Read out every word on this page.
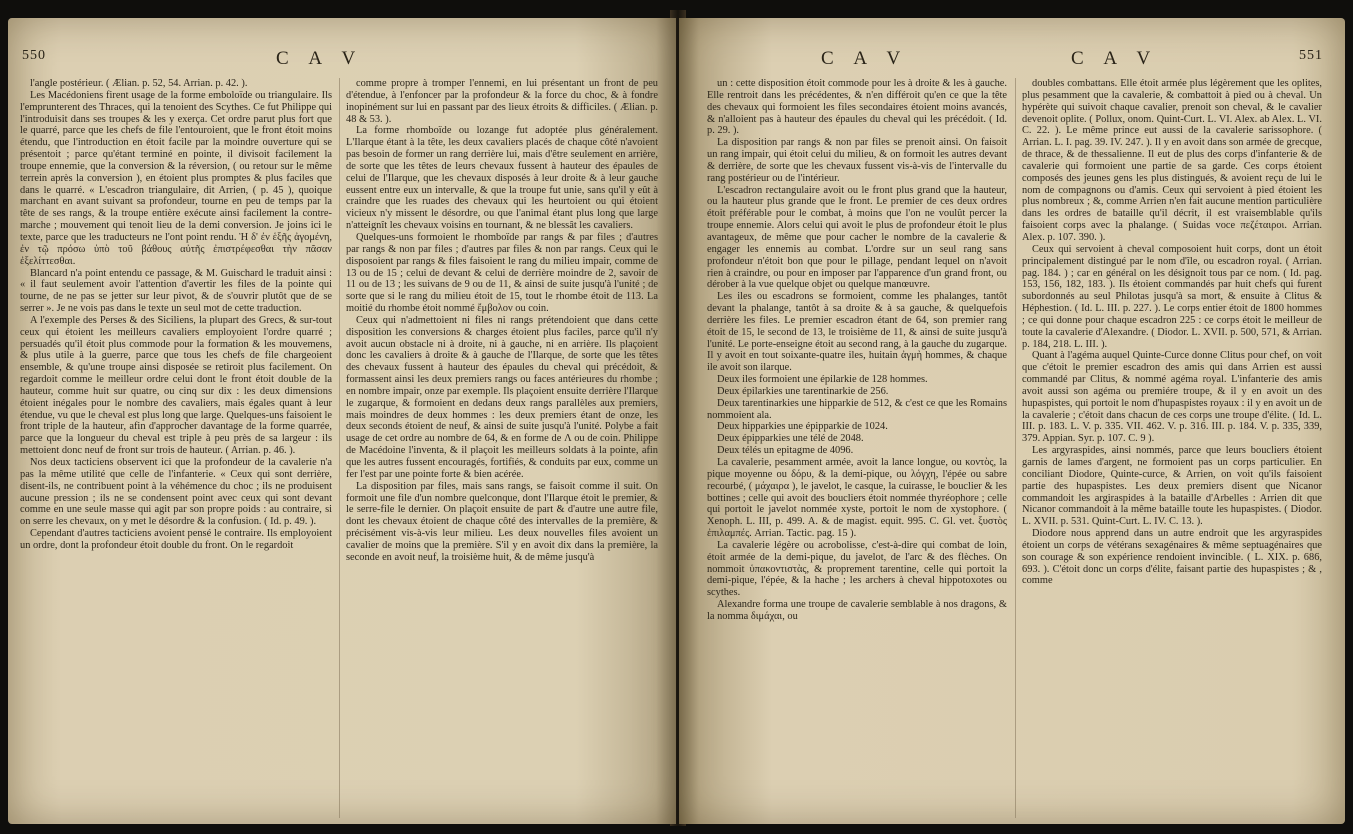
550	C A V

l'angle postérieur. ( Ælian. p. 52, 54. Arrian. p. 42. ).

Les Macédoniens firent usage de la forme emboloïde ou triangulaire. Ils l'emprunterent des Thraces, qui la tenoient des Scythes. Ce fut Philippe qui l'introduisit dans ses troupes & les y exerça. Cet ordre parut plus fort que le quarré, parce que les chefs de file l'entouroient, que le front étoit moins étendu, que l'introduction en étoit facile par la moindre ouverture qui se présentoit ; parce qu'étant terminé en pointe, il divisoit facilement la troupe ennemie, que la conversion & la réversion, ( ou retour sur le même terrein après la conversion ), en étoient plus promptes & plus faciles que dans le quarré. « L'escadron triangulaire, dit Arrien, ( p. 45 ), quoique marchant en avant suivant sa profondeur, tourne en peu de temps par la tête de ses rangs, & la troupe entière exécute ainsi facilement la contre-marche ; mouvement qui tenoit lieu de la demi conversion. Je joins ici le texte, parce que les traducteurs ne l'ont point rendu. Ἡ δ' ἐν ἑξῆς ἀγομένη, ἐν τῷ πρόσω ὑπὸ τοῦ βάθους αὐτῆς ἐπιστρέφεσθαι τὴν πᾶσαν ἐξελίττεσθαι.

Blancard n'a point entendu ce passage, & M. Guischard le traduit ainsi : « il faut seulement avoir l'attention d'avertir les files de la pointe qui tourne, de ne pas se jetter sur leur pivot, & de s'ouvrir plutôt que de se serrer ». Je ne vois pas dans le texte un seul mot de cette traduction.

A l'exemple des Perses & des Siciliens, la plupart des Grecs, & sur-tout ceux qui étoient les meilleurs cavaliers employoient l'ordre quarré ; persuadés qu'il étoit plus commode pour la formation & les mouvemens, & plus utile à la guerre, parce que tous les chefs de file chargeoient ensemble, & qu'une troupe ainsi disposée se retiroit plus facilement. On regardoit comme le meilleur ordre celui dont le front étoit double de la hauteur, comme huit sur quatre, ou cinq sur dix : les deux dimensions étoient inégales pour le nombre des cavaliers, mais égales quant à leur étendue, vu que le cheval est plus long que large. Quelques-uns faisoient le front triple de la hauteur, afin d'approcher davantage de la forme quarrée, parce que la longueur du cheval est triple à peu près de sa largeur : ils mettoient donc neuf de front sur trois de hauteur. ( Arrian. p. 46. ).

Nos deux tacticiens observent ici que la profondeur de la cavalerie n'a pas la même utilité que celle de l'infanterie. « Ceux qui sont derrière, disent-ils, ne contribuent point à la véhémence du choc ; ils ne produisent aucune pression ; ils ne se condensent point avec ceux qui sont devant comme en une seule masse qui agit par son propre poids : au contraire, si on serre les chevaux, on y met le désordre & la confusion. ( Id. p. 49. ).

Cependant d'autres tacticiens avoient pensé le contraire. Ils employoient un ordre, dont la profondeur étoit double du front. On le regardoit

comme propre à tromper l'ennemi, en lui présentant un front de peu d'étendue, à l'enfoncer par la profondeur & la force du choc, & à fondre inopinément sur lui en passant par des lieux étroits & difficiles. ( Ælian. p. 48 & 53. ).

La forme rhomboïde ou lozange fut adoptée plus généralement. L'Ilarque étant à la tête, les deux cavaliers placés de chaque côté n'avoient pas besoin de former un rang derrière lui, mais d'être seulement en arrière, de sorte que les têtes de leurs chevaux fussent à hauteur des épaules de celui de l'Ilarque, que les chevaux disposés à leur droite & à leur gauche eussent entre eux un intervalle, & que la troupe fut unie, sans qu'il y eût à craindre que les ruades des chevaux qui les heurtoient ou qui étoient vicieux n'y missent le désordre, ou que l'animal étant plus long que large n'atteignît les chevaux voisins en tournant, & ne blessât les cavaliers.

Quelques-uns formoient le rhomboïde par rangs & par files ; d'autres par rangs & non par files ; d'autres par files & non par rangs. Ceux qui le disposoient par rangs & files faisoient le rang du milieu impair, comme de 13 ou de 15 ; celui de devant & celui de derrière moindre de 2, savoir de 11 ou de 13 ; les suivans de 9 ou de 11, & ainsi de suite jusqu'à l'unité ; de sorte que si le rang du milieu étoit de 15, tout le rhombe étoit de 113. La moitié du rhombe étoit nommé ἔμβολον ou coin.

Ceux qui n'admettoient ni files ni rangs prétendoient que dans cette disposition les conversions & charges étoient plus faciles, parce qu'il n'y avoit aucun obstacle ni à droite, ni à gauche, ni en arrière. Ils plaçoient donc les cavaliers à droite & à gauche de l'Ilarque, de sorte que les têtes des chevaux fussent à hauteur des épaules du cheval qui précédoit, & formassent ainsi les deux premiers rangs ou faces antérieures du rhombe ; en nombre impair, onze par exemple. Ils plaçoient ensuite derrière l'Ilarque le zugarque, & formoient en dedans deux rangs parallèles aux premiers, mais moindres de deux hommes : les deux premiers étant de onze, les deux seconds étoient de neuf, & ainsi de suite jusqu'à l'unité. Polybe a fait usage de cet ordre au nombre de 64, & en forme de Λ ou de coin. Philippe de Macédoine l'inventa, & il plaçoit les meilleurs soldats à la pointe, afin que les autres fussent encouragés, fortifiés, & conduits par eux, comme un fer l'est par une pointe forte & bien acérée.

La disposition par files, mais sans rangs, se faisoit comme il suit. On formoit une file d'un nombre quelconque, dont l'Ilarque étoit le premier, & le serre-file le dernier. On plaçoit ensuite de part & d'autre une autre file, dont les chevaux étoient de chaque côté des intervalles de la première, & précisément vis-à-vis leur milieu. Les deux nouvelles files avoient un cavalier de moins que la première. S'il y en avoit dix dans la première, la seconde en avoit neuf, la troisième huit, & de même jusqu'à

C A V	C A V	551

un : cette disposition étoit commode pour les à droite & les à gauche. Elle rentroit dans les précédentes, & n'en différoit qu'en ce que la tête des chevaux qui formoient les files secondaires étoient moins avancés, & n'alloient pas à hauteur des épaules du cheval qui les précédoit. ( Id. p. 29. ).

La disposition par rangs & non par files se prenoit ainsi. On faisoit un rang impair, qui étoit celui du milieu, & on formoit les autres devant & derrière, de sorte que les chevaux fussent vis-à-vis de l'intervalle du rang postérieur ou de l'intérieur.

L'escadron rectangulaire avoit ou le front plus grand que la hauteur, ou la hauteur plus grande que le front. Le premier de ces deux ordres étoit préférable pour le combat, à moins que l'on ne voulût percer la troupe ennemie. Alors celui qui avoit le plus de profondeur étoit le plus avantageux, de même que pour cacher le nombre de la cavalerie & engager les ennemis au combat. L'ordre sur un seul rang sans profondeur n'étoit bon que pour le pillage, pendant lequel on n'avoit rien à craindre, ou pour en imposer par l'apparence d'un grand front, ou dérober à la vue quelque objet ou quelque manœuvre.

Les iles ou escadrons se formoient, comme les phalanges, tantôt devant la phalange, tantôt à sa droite & à sa gauche, & quelquefois derrière les files. Le premier escadron étant de 64, son premier rang étoit de 15, le second de 13, le troisième de 11, & ainsi de suite jusqu'à l'unité. Le porte-enseigne étoit au second rang, à la gauche du zugarque. Il y avoit en tout soixante-quatre iles, huitain ἀγμὴ hommes, & chaque ile avoit son ilarque.

Deux iles formoient une épilarkie de 128 hommes.

Deux épilarkies une tarentinarkie de 256.

Deux tarentinarkies une hipparkie de 512, & c'est ce que les Romains nommoient ala.

Deux hipparkies une épipparkie de 1024.

Deux épipparkies une télé de 2048.

Deux télés un epitagme de 4096.

La cavalerie, pesamment armée, avoit la lance longue, ou κοντὸς, la pique moyenne ou δόρυ, & la demi-pique, ou λόγχη, l'épée ou sabre recourbé, ( μάχαιρα ), le javelot, le casque, la cuirasse, le bouclier & les bottines ; celle qui avoit des boucliers étoit nommée thyréophore ; celle qui portoit le javelot nommée xyste, portoit le nom de xystophore. ( Xenoph. L. III, p. 499. A. & de magist. equit. 995. C. Gl. vet. ξυστὸς ἐπιλαμπές. Arrian. Tactic. pag. 15 ).

La cavalerie légère ou acrobolisse, c'est-à-dire qui combat de loin, étoit armée de la demi-pique, du javelot, de l'arc & des flèches. On nommoit ὑπακοντιστὰς, & proprement tarentine, celle qui portoit la demi-pique, l'épée, & la hache ; les archers à cheval hippotoxotes ou scythes.

Alexandre forma une troupe de cavalerie semblable à nos dragons, & la nomma διμάχαι, ou

doubles combattans. Elle étoit armée plus légèrement que les oplites, plus pesamment que la cavalerie, & combattoit à pied ou à cheval. Un hypérète qui suivoit chaque cavalier, prenoit son cheval, & le cavalier devenoit oplite. ( Pollux, onom. Quint-Curt. L. VI. Alex. ab Alex. L. VI. C. 22. ). Le même prince eut aussi de la cavalerie sarissophore. ( Arrian. L. I. pag. 39. IV. 247. ). Il y en avoit dans son armée de grecque, de thrace, & de thessalienne. Il eut de plus des corps d'infanterie & de cavalerie qui formoient une partie de sa garde. Ces corps étoient composés des jeunes gens les plus distingués, & avoient reçu de lui le nom de compagnons ou d'amis. Ceux qui servoient à pied étoient les plus nombreux ; &, comme Arrien n'en fait aucune mention particulière dans les ordres de bataille qu'il décrit, il est vraisemblable qu'ils faisoient corps avec la phalange. ( Suidas voce πεζέταιροι. Arrian. Alex. p. 107. 390. ).

Ceux qui servoient à cheval composoient huit corps, dont un étoit principalement distingué par le nom d'île, ou escadron royal. ( Arrian. pag. 184. ) ; car en général on les désignoit tous par ce nom. ( Id. pag. 153, 156, 182, 183. ). Ils étoient commandés par huit chefs qui furent subordonnés au seul Philotas jusqu'à sa mort, & ensuite à Clitus & Héphestion. ( Id. L. III. p. 227. ). Le corps entier étoit de 1800 hommes ; ce qui donne pour chaque escadron 225 : ce corps étoit le meilleur de toute la cavalerie d'Alexandre. ( Diodor. L. XVII. p. 500, 571, & Arrian. p. 184, 218. L. III. ).

Quant à l'agéma auquel Quinte-Curce donne Clitus pour chef, on voit que c'étoit le premier escadron des amis qui dans Arrien est aussi commandé par Clitus, & nommé agéma royal. L'infanterie des amis avoit aussi son agéma ou premiére troupe, & il y en avoit un des hupaspistes, qui portoit le nom d'hupaspistes royaux : il y en avoit un de la cavalerie ; c'étoit dans chacun de ces corps une troupe d'élite. ( Id. L. III. p. 183. L. V. p. 335. VII. 462. V. p. 316. III. p. 184. V. p. 335, 339, 379. Appian. Syr. p. 107. C. 9 ).

Les argyraspides, ainsi nommés, parce que leurs boucliers étoient garnis de lames d'argent, ne formoient pas un corps particulier. En conciliant Diodore, Quinte-curce, & Arrien, on voit qu'ils faisoient partie des hupaspistes. Les deux premiers disent que Nicanor commandoit les argiraspides à la bataille d'Arbelles : Arrien dit que Nicanor commandoit à la même bataille toute les hupaspistes. ( Diodor. L. XVII. p. 531. Quint-Curt. L. IV. C. 13. ).

Diodore nous apprend dans un autre endroit que les argyraspides étoient un corps de vétérans sexagénaires & même septuagénaires que son courage & son expérience rendoient invincible. ( L. XIX. p. 686, 693. ). C'étoit donc un corps d'élite, faisant partie des hupaspistes ; & , comme
